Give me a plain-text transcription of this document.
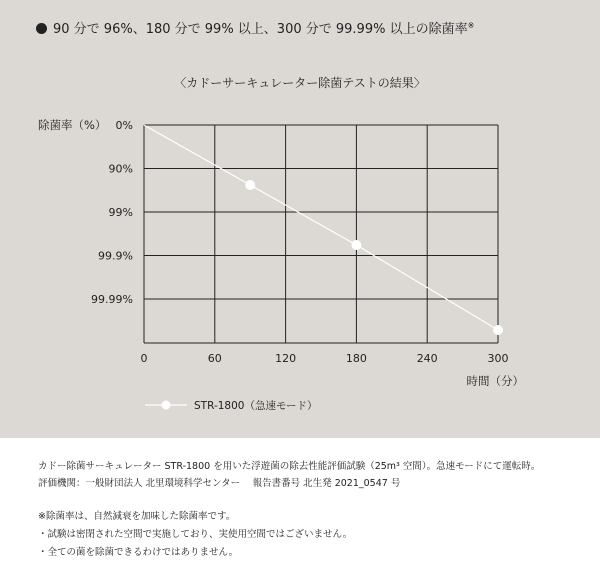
90 分で 96%、180 分で 99% 以上、300 分で 99.99% 以上の除菌率※
〈カドーサーキュレーター除菌テストの結果〉
0%
90%
99%
99.9%
99.99%
0	60	120	180	240	300
除菌率（%）
時間（分）
STR-1800（急速モード）
カドー除菌サーキュレーター STR-1800 を用いた浮遊菌の除去性能評価試験（25m³ 空間）。急速モードにて運転時。
評価機関：一般財団法人 北里環境科学センター　 報告書番号 北生発 2021_0547 号
※除菌率は、自然減衰を加味した除菌率です。
・試験は密閉された空間で実施しており、実使用空間ではございません。
・全ての菌を除菌できるわけではありません。
